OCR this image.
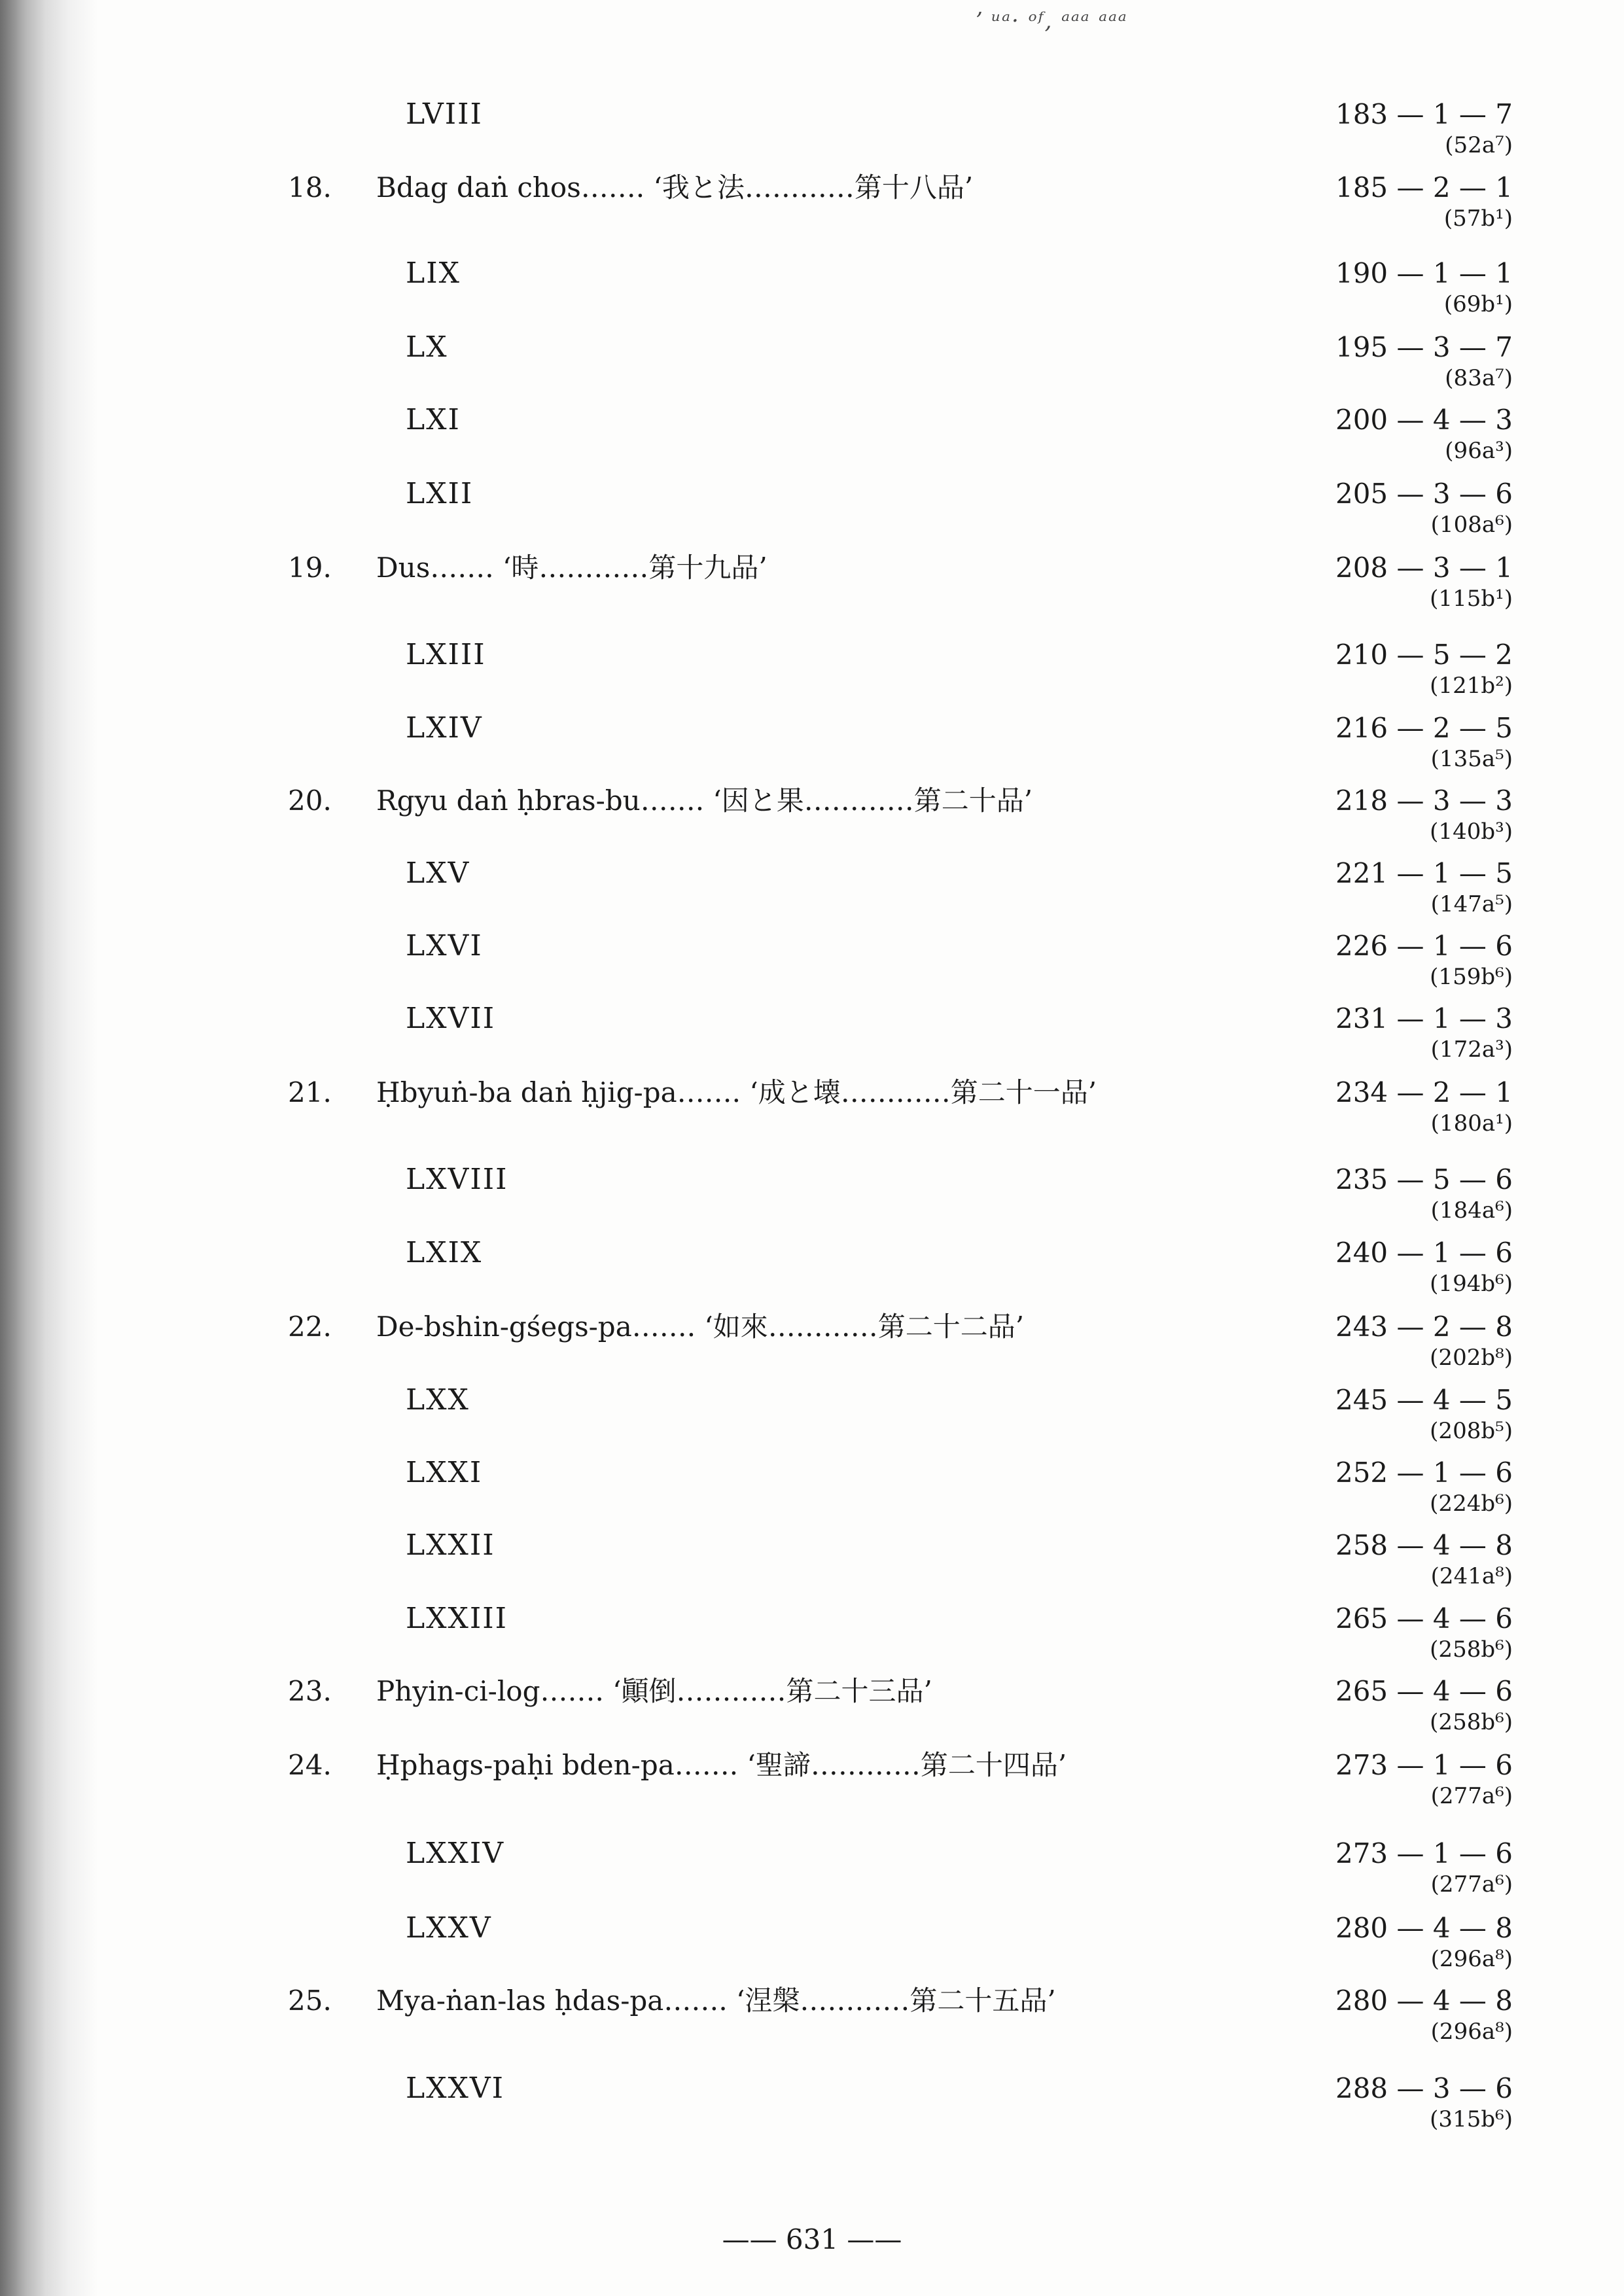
ʼ ᵘᵃ· ᵒᶠ, ᵃᵃᵃ ᵃᵃᵃ
LVIII	183 — 1 — 7
(52a⁷)
18. Bdag daṅ chos……. ‘我と法…………第十八品’	185 — 2 — 1
(57b¹)
LIX	190 — 1 — 1
(69b¹)
LX	195 — 3 — 7
(83a⁷)
LXI	200 — 4 — 3
(96a³)
LXII	205 — 3 — 6
(108a⁶)
19. Dus……. ‘時…………第十九品’	208 — 3 — 1
(115b¹)
LXIII	210 — 5 — 2
(121b²)
LXIV	216 — 2 — 5
(135a⁵)
20. Rgyu daṅ ḥbras-bu……. ‘因と果…………第二十品’	218 — 3 — 3
(140b³)
LXV	221 — 1 — 5
(147a⁵)
LXVI	226 — 1 — 6
(159b⁶)
LXVII	231 — 1 — 3
(172a³)
21. Ḥbyuṅ-ba daṅ ḥjig-pa……. ‘成と壊…………第二十一品’	234 — 2 — 1
(180a¹)
LXVIII	235 — 5 — 6
(184a⁶)
LXIX	240 — 1 — 6
(194b⁶)
22. De-bshin-gśegs-pa……. ‘如來…………第二十二品’	243 — 2 — 8
(202b⁸)
LXX	245 — 4 — 5
(208b⁵)
LXXI	252 — 1 — 6
(224b⁶)
LXXII	258 — 4 — 8
(241a⁸)
LXXIII	265 — 4 — 6
(258b⁶)
23. Phyin-ci-log……. ‘顚倒…………第二十三品’	265 — 4 — 6
(258b⁶)
24. Ḥphags-paḥi bden-pa……. ‘聖諦…………第二十四品’	273 — 1 — 6
(277a⁶)
LXXIV	273 — 1 — 6
(277a⁶)
LXXV	280 — 4 — 8
(296a⁸)
25. Mya-ṅan-las ḥdas-pa……. ‘涅槃…………第二十五品’	280 — 4 — 8
(296a⁸)
LXXVI	288 — 3 — 6
(315b⁶)
—— 631 ——
